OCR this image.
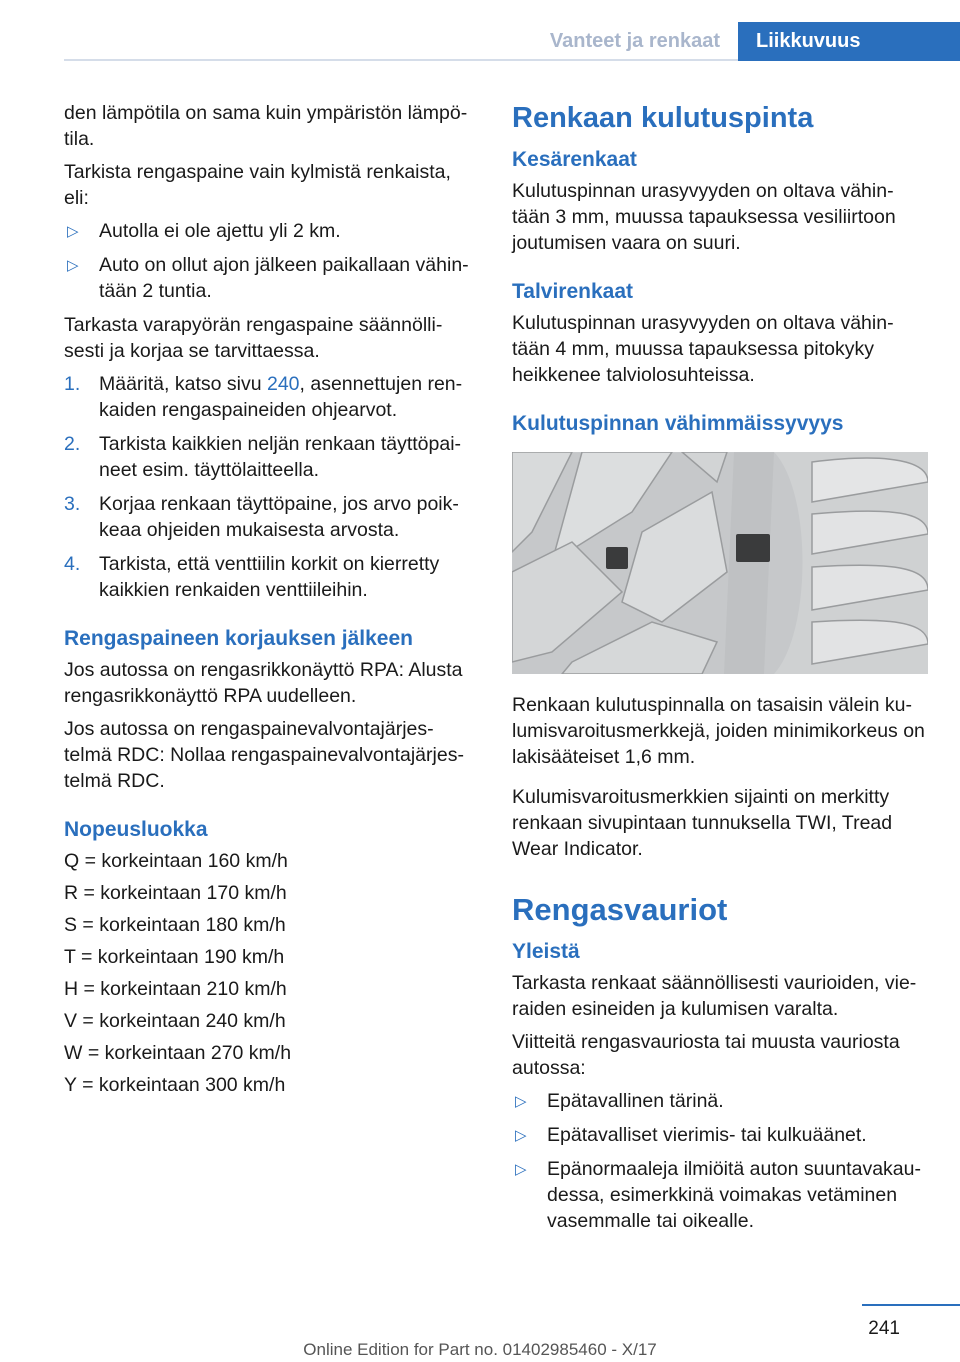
Vanteet ja renkaat	Liikkuvuus

den lämpötila on sama kuin ympäristön lämpö-tila.

Tarkista rengaspaine vain kylmistä renkaista, eli:

▷ Autolla ei ole ajettu yli 2 km.
▷ Auto on ollut ajon jälkeen paikallaan vähin-tään 2 tuntia.

Tarkasta varapyörän rengaspaine säännölli-sesti ja korjaa se tarvittaessa.

1. Määritä, katso sivu 240, asennettujen ren-kaiden rengaspaineiden ohjearvot.
2. Tarkista kaikkien neljän renkaan täyttöpai-neet esim. täyttölaitteella.
3. Korjaa renkaan täyttöpaine, jos arvo poik-keaa ohjeiden mukaisesta arvosta.
4. Tarkista, että venttiilin korkit on kierretty kaikkien renkaiden venttiileihin.
Rengaspaineen korjauksen jälkeen

Jos autossa on rengasrikkonäyttö RPA: Alusta rengasrikkonäyttö RPA uudelleen.

Jos autossa on rengaspainevalvontajärjes-telmä RDC: Nollaa rengaspainevalvontajärjes-telmä RDC.

Nopeusluokka

Q = korkeintaan 160 km/h

R = korkeintaan 170 km/h

S = korkeintaan 180 km/h

T = korkeintaan 190 km/h

H = korkeintaan 210 km/h

V = korkeintaan 240 km/h

W = korkeintaan 270 km/h

Y = korkeintaan 300 km/h

Renkaan kulutuspinta
Kesärenkaat

Kulutuspinnan urasyvyyden on oltava vähin-tään 3 mm, muussa tapauksessa vesiliirtoon joutumisen vaara on suuri.

Talvirenkaat

Kulutuspinnan urasyvyyden on oltava vähin-tään 4 mm, muussa tapauksessa pitokyky heikkenee talviolosuhteissa.

Kulutuspinnan vähimmäissyvyys

Renkaan kulutuspinnalla on tasaisin välein ku-lumisvaroitusmerkkejä, joiden minimikorkeus on lakisääteiset 1,6 mm.

Kulumisvaroitusmerkkien sijainti on merkitty renkaan sivupintaan tunnuksella TWI, Tread Wear Indicator.

Rengasvauriot
Yleistä

Tarkasta renkaat säännöllisesti vaurioiden, vie-raiden esineiden ja kulumisen varalta.

Viitteitä rengasvauriosta tai muusta vauriosta autossa:

▷ Epätavallinen tärinä.
▷ Epätavalliset vierimis- tai kulkuäänet.
▷ Epänormaaleja ilmiöitä auton suuntavakau-dessa, esimerkkinä voimakas vetäminen vasemmalle tai oikealle.
241
Online Edition for Part no. 01402985460 - X/17
